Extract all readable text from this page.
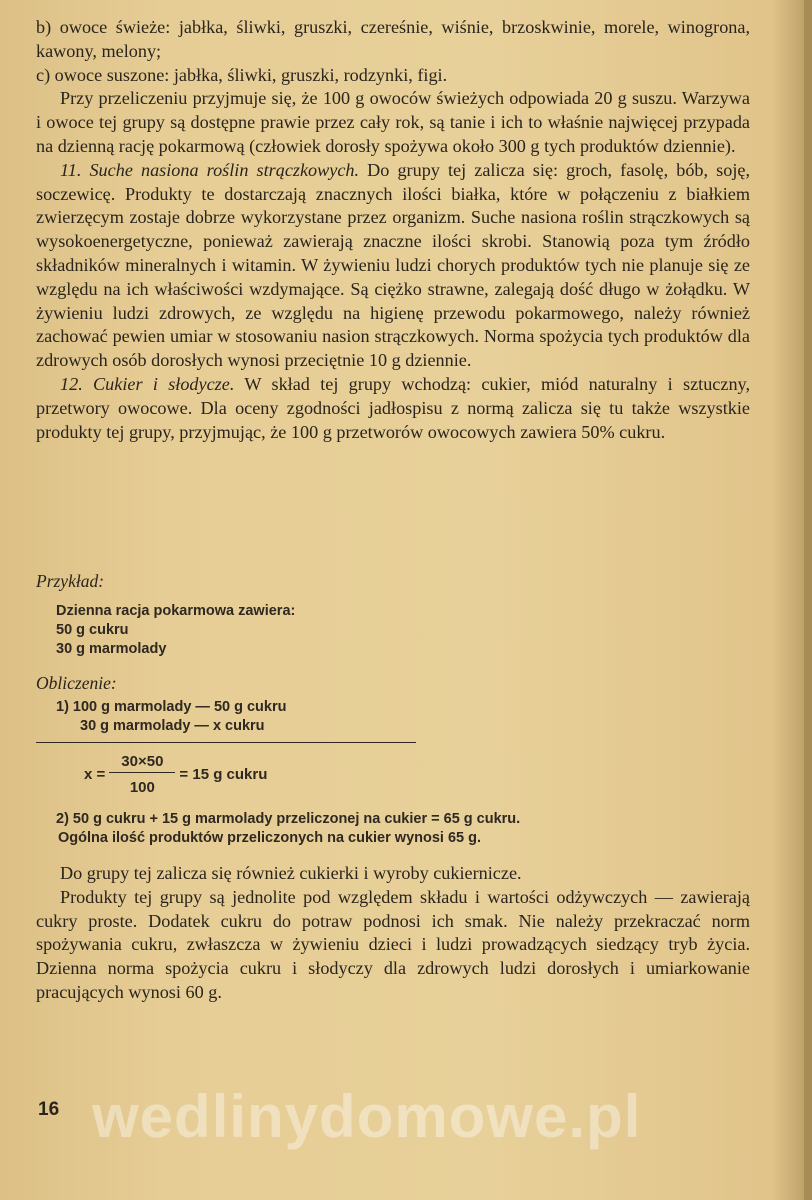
b) owoce świeże: jabłka, śliwki, gruszki, czereśnie, wiśnie, brzoskwinie, morele, winogrona, kawony, melony;

c) owoce suszone: jabłka, śliwki, gruszki, rodzynki, figi.

Przy przeliczeniu przyjmuje się, że 100 g owoców świeżych odpowiada 20 g suszu. Warzywa i owoce tej grupy są dostępne prawie przez cały rok, są tanie i ich to właśnie najwięcej przypada na dzienną rację pokarmową (człowiek dorosły spożywa około 300 g tych produktów dziennie).

11. Suche nasiona roślin strączkowych. Do grupy tej zalicza się: groch, fasolę, bób, soję, soczewicę. Produkty te dostarczają znacznych ilości białka, które w połączeniu z białkiem zwierzęcym zostaje dobrze wykorzystane przez organizm. Suche nasiona roślin strączkowych są wysokoenergetyczne, ponieważ zawierają znaczne ilości skrobi. Stanowią poza tym źródło składników mineralnych i witamin. W żywieniu ludzi chorych produktów tych nie planuje się ze względu na ich właściwości wzdymające. Są ciężko strawne, zalegają dość długo w żołądku. W żywieniu ludzi zdrowych, ze względu na higienę przewodu pokarmowego, należy również zachować pewien umiar w stosowaniu nasion strączkowych. Norma spożycia tych produktów dla zdrowych osób dorosłych wynosi przeciętnie 10 g dziennie.

12. Cukier i słodycze. W skład tej grupy wchodzą: cukier, miód naturalny i sztuczny, przetwory owocowe. Dla oceny zgodności jadłospisu z normą zalicza się tu także wszystkie produkty tej grupy, przyjmując, że 100 g przetworów owocowych zawiera 50% cukru.

Przykład:

Dzienna racja pokarmowa zawiera:
50 g cukru
30 g marmolady

Obliczenie:

1) 100 g marmolady — 50 g cukru
30 g marmolady — x cukru
$x = \frac{30\times 50}{100} = 15$ g cukru
2) 50 g cukru + 15 g marmolady przeliczonej na cukier = 65 g cukru.
Ogólna ilość produktów przeliczonych na cukier wynosi 65 g.

Do grupy tej zalicza się również cukierki i wyroby cukiernicze.

Produkty tej grupy są jednolite pod względem składu i wartości odżywczych — zawierają cukry proste. Dodatek cukru do potraw podnosi ich smak. Nie należy przekraczać norm spożywania cukru, zwłaszcza w żywieniu dzieci i ludzi prowadzących siedzący tryb życia. Dzienna norma spożycia cukru i słodyczy dla zdrowych ludzi dorosłych i umiarkowanie pracujących wynosi 60 g.

wedlinydomowe.pl
16
